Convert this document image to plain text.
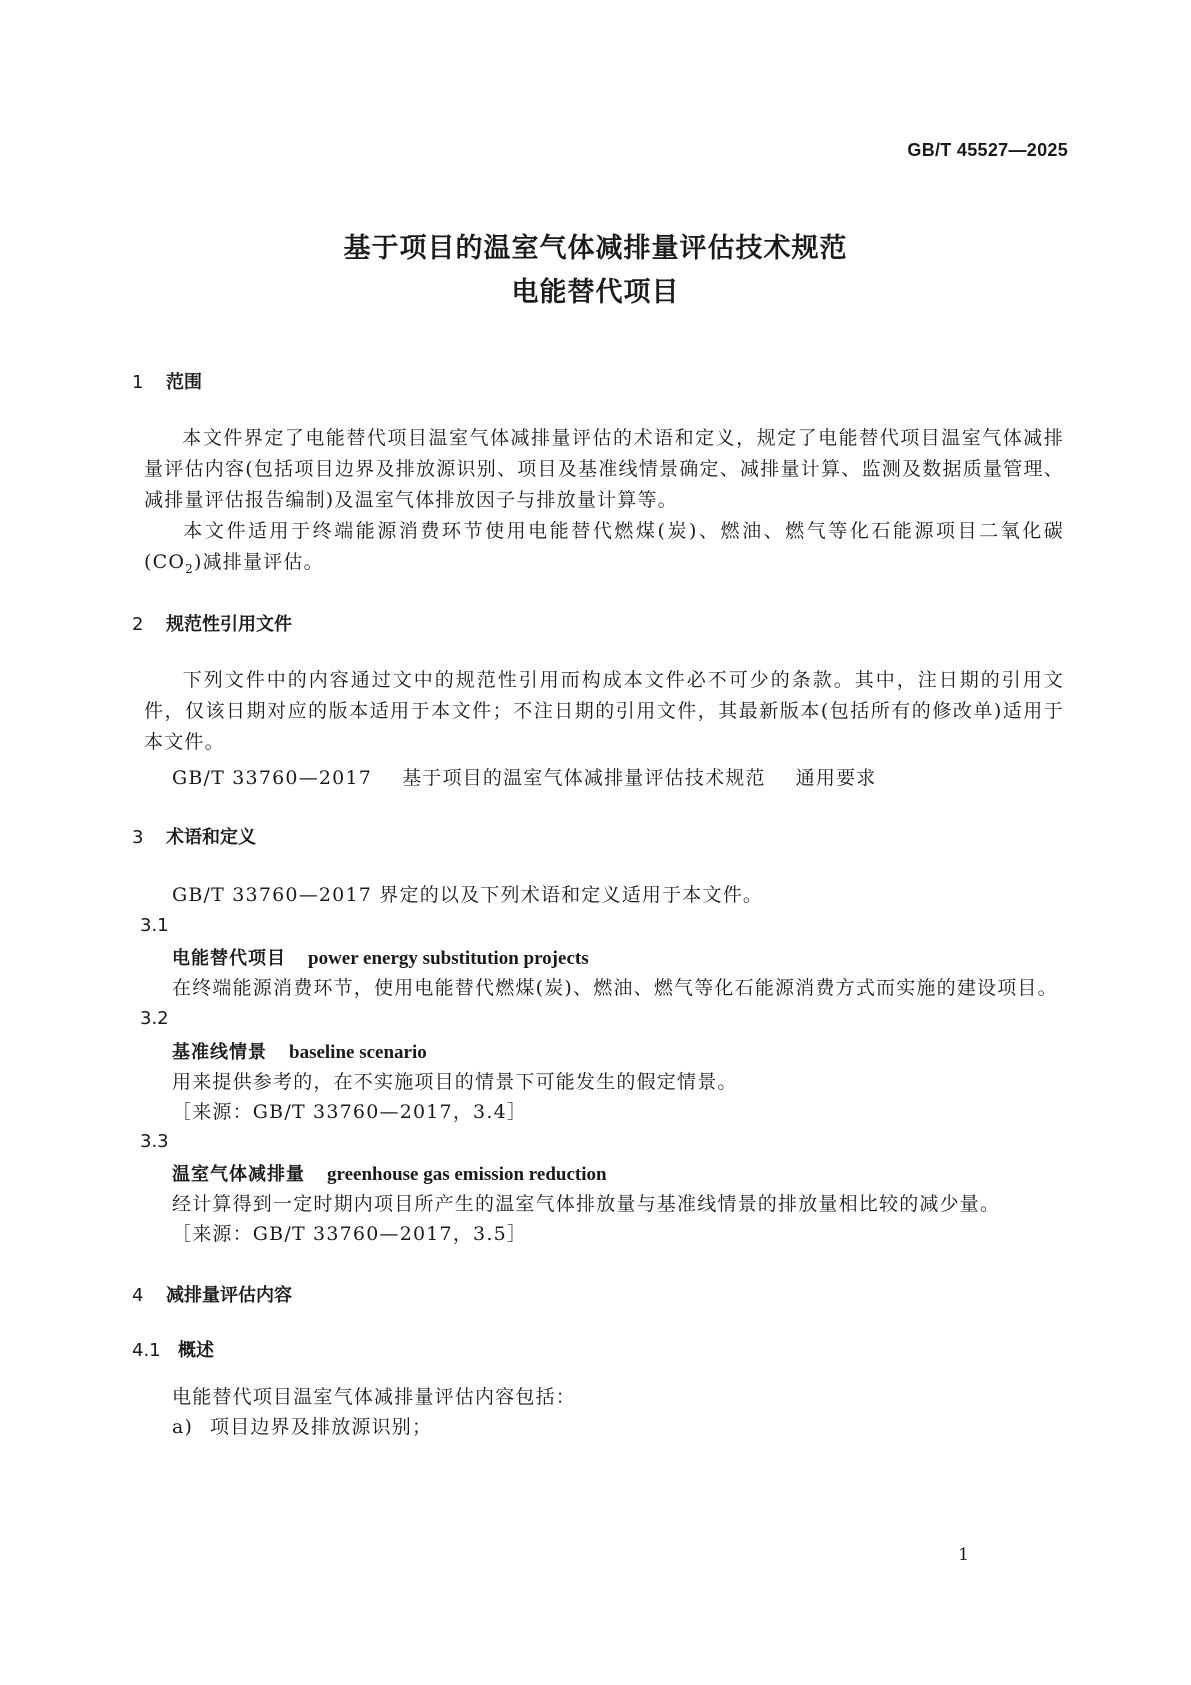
GB/T 45527—2025
基于项目的温室气体减排量评估技术规范
电能替代项目
1 范围
本文件界定了电能替代项目温室气体减排量评估的术语和定义，规定了电能替代项目温室气体减排量评估内容(包括项目边界及排放源识别、项目及基准线情景确定、减排量计算、监测及数据质量管理、减排量评估报告编制)及温室气体排放因子与排放量计算等。
本文件适用于终端能源消费环节使用电能替代燃煤(炭)、燃油、燃气等化石能源项目二氧化碳$(CO_2)$减排量评估。
2 规范性引用文件
下列文件中的内容通过文中的规范性引用而构成本文件必不可少的条款。其中，注日期的引用文件，仅该日期对应的版本适用于本文件；不注日期的引用文件，其最新版本(包括所有的修改单)适用于本文件。
GB/T 33760—2017 基于项目的温室气体减排量评估技术规范 通用要求
3 术语和定义
GB/T 33760—2017 界定的以及下列术语和定义适用于本文件。
3.1
电能替代项目 power energy substitution projects
在终端能源消费环节，使用电能替代燃煤(炭)、燃油、燃气等化石能源消费方式而实施的建设项目。
3.2
基准线情景 baseline scenario
用来提供参考的，在不实施项目的情景下可能发生的假定情景。
［来源：GB/T 33760—2017，3.4］
3.3
温室气体减排量 greenhouse gas emission reduction
经计算得到一定时期内项目所产生的温室气体排放量与基准线情景的排放量相比较的减少量。
［来源：GB/T 33760—2017，3.5］
4 减排量评估内容
4.1 概述
电能替代项目温室气体减排量评估内容包括：
a) 项目边界及排放源识别；
1
